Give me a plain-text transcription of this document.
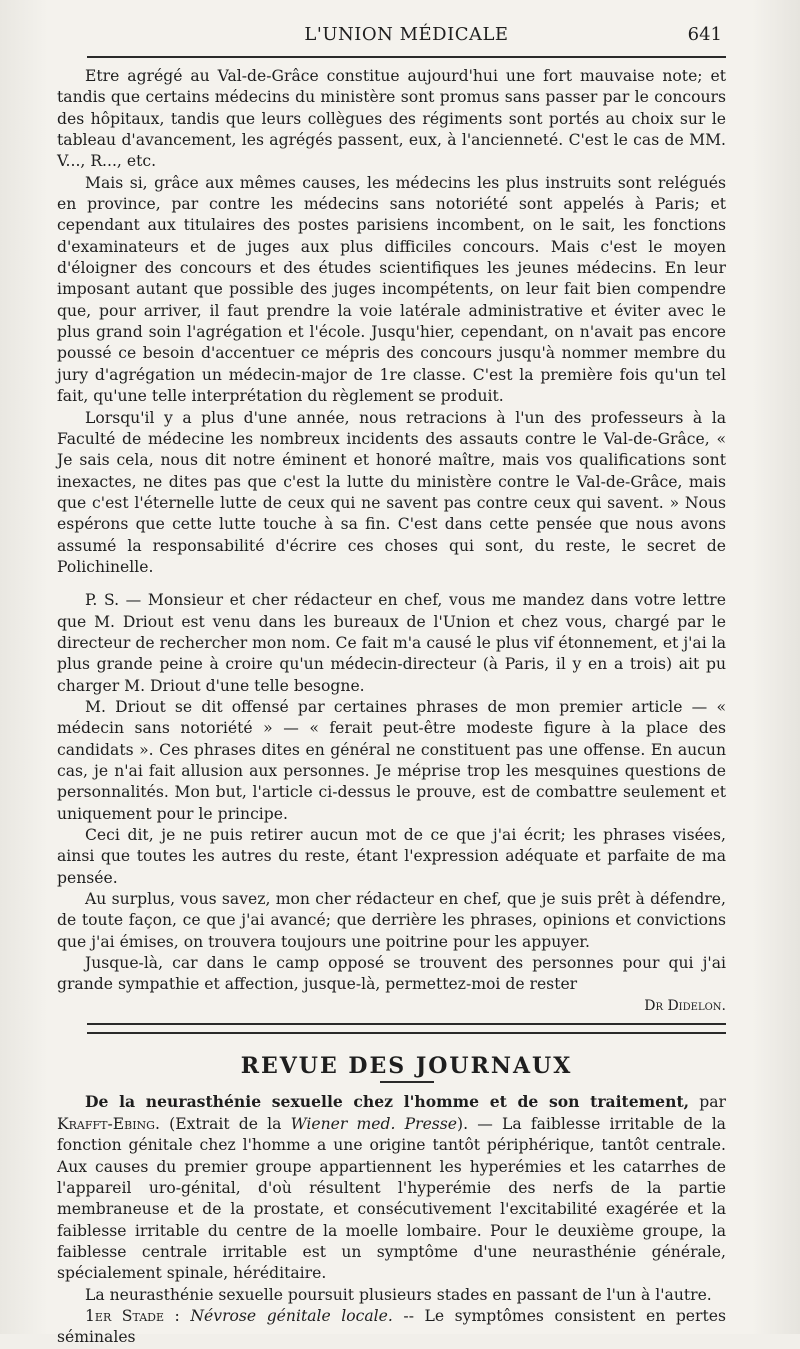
L'UNION MÉDICALE	641

Etre agrégé au Val-de-Grâce constitue aujourd'hui une fort mauvaise note; et tandis que certains médecins du ministère sont promus sans passer par le concours des hôpitaux, tandis que leurs collègues des régiments sont portés au choix sur le tableau d'avancement, les agrégés passent, eux, à l'ancienneté. C'est le cas de MM. V..., R..., etc.

Mais si, grâce aux mêmes causes, les médecins les plus instruits sont relégués en province, par contre les médecins sans notoriété sont appelés à Paris; et cependant aux titulaires des postes parisiens incombent, on le sait, les fonctions d'examinateurs et de juges aux plus difficiles concours. Mais c'est le moyen d'éloigner des concours et des études scientifiques les jeunes médecins. En leur imposant autant que possible des juges incompétents, on leur fait bien compendre que, pour arriver, il faut prendre la voie latérale administrative et éviter avec le plus grand soin l'agrégation et l'école. Jusqu'hier, cependant, on n'avait pas encore poussé ce besoin d'accentuer ce mépris des concours jusqu'à nommer membre du jury d'agrégation un médecin-major de 1re classe. C'est la première fois qu'un tel fait, qu'une telle interprétation du règlement se produit.

Lorsqu'il y a plus d'une année, nous retracions à l'un des professeurs à la Faculté de médecine les nombreux incidents des assauts contre le Val-de-Grâce, « Je sais cela, nous dit notre éminent et honoré maître, mais vos qualifications sont inexactes, ne dites pas que c'est la lutte du ministère contre le Val-de-Grâce, mais que c'est l'éternelle lutte de ceux qui ne savent pas contre ceux qui savent. » Nous espérons que cette lutte touche à sa fin. C'est dans cette pensée que nous avons assumé la responsabilité d'écrire ces choses qui sont, du reste, le secret de Polichinelle.

P. S. — Monsieur et cher rédacteur en chef, vous me mandez dans votre lettre que M. Driout est venu dans les bureaux de l'Union et chez vous, chargé par le directeur de rechercher mon nom. Ce fait m'a causé le plus vif étonnement, et j'ai la plus grande peine à croire qu'un médecin-directeur (à Paris, il y en a trois) ait pu charger M. Driout d'une telle besogne.

M. Driout se dit offensé par certaines phrases de mon premier article — « médecin sans notoriété » — « ferait peut-être modeste figure à la place des candidats ». Ces phrases dites en général ne constituent pas une offense. En aucun cas, je n'ai fait allusion aux personnes. Je méprise trop les mesquines questions de personnalités. Mon but, l'article ci-dessus le prouve, est de combattre seulement et uniquement pour le principe.

Ceci dit, je ne puis retirer aucun mot de ce que j'ai écrit; les phrases visées, ainsi que toutes les autres du reste, étant l'expression adéquate et parfaite de ma pensée.

Au surplus, vous savez, mon cher rédacteur en chef, que je suis prêt à défendre, de toute façon, ce que j'ai avancé; que derrière les phrases, opinions et convictions que j'ai émises, on trouvera toujours une poitrine pour les appuyer.

Jusque-là, car dans le camp opposé se trouvent des personnes pour qui j'ai grande sympathie et affection, jusque-là, permettez-moi de rester

Dr Didelon.

REVUE DES JOURNAUX

De la neurasthénie sexuelle chez l'homme et de son traitement, par Krafft-Ebing. (Extrait de la Wiener med. Presse). — La faiblesse irritable de la fonction génitale chez l'homme a une origine tantôt périphérique, tantôt centrale. Aux causes du premier groupe appartiennent les hyperémies et les catarrhes de l'appareil uro-génital, d'où résultent l'hyperémie des nerfs de la partie membraneuse et de la prostate, et consécutivement l'excitabilité exagérée et la faiblesse irritable du centre de la moelle lombaire. Pour le deuxième groupe, la faiblesse centrale irritable est un symptôme d'une neurasthénie générale, spécialement spinale, héréditaire.

La neurasthénie sexuelle poursuit plusieurs stades en passant de l'un à l'autre.

1er Stade : Névrose génitale locale. -- Le symptômes consistent en pertes séminales
